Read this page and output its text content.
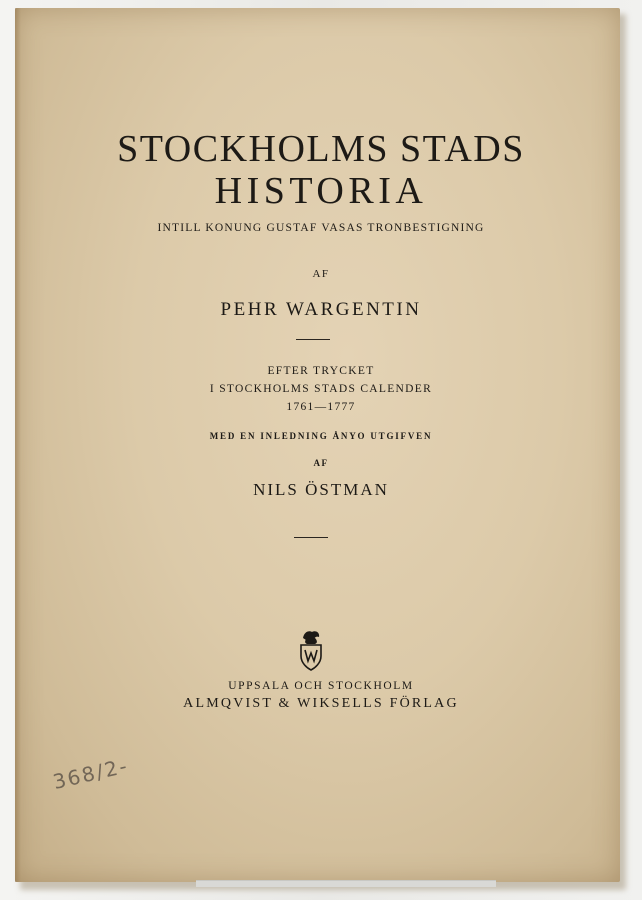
STOCKHOLMS STADS
HISTORIA
INTILL KONUNG GUSTAF VASAS TRONBESTIGNING
AF
PEHR WARGENTIN
EFTER TRYCKET
I STOCKHOLMS STADS CALENDER
1761—1777
MED EN INLEDNING ÅNYO UTGIFVEN
AF
NILS ÖSTMAN
UPPSALA OCH STOCKHOLM
ALMQVIST & WIKSELLS FÖRLAG
368/2-
